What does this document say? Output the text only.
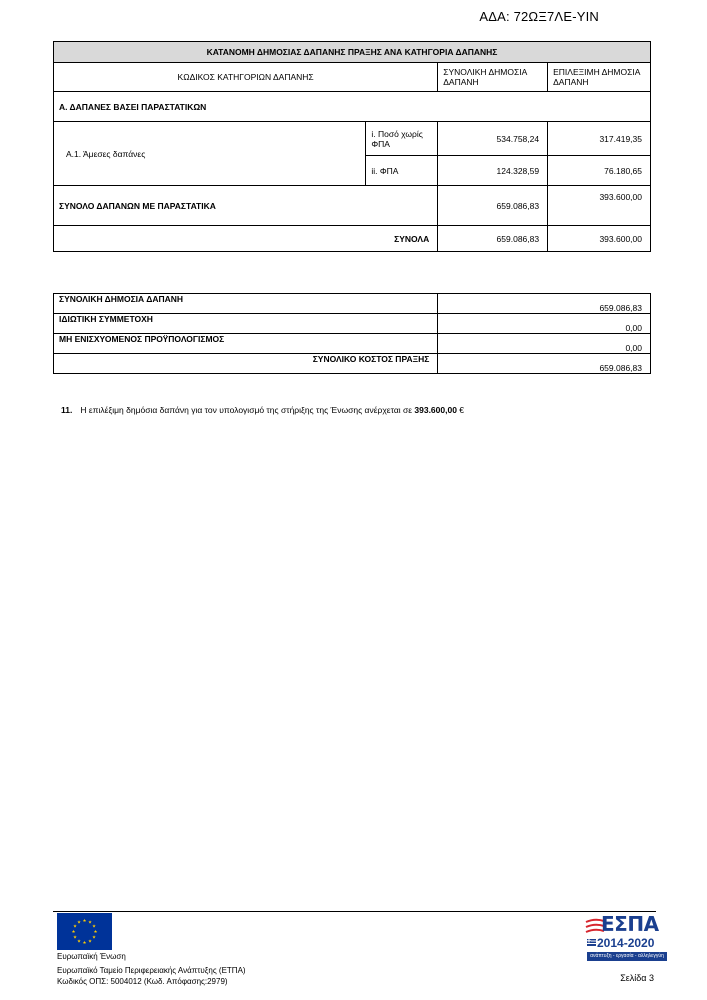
ΑΔΑ: 72ΩΞ7ΛΕ-ΥΙΝ
ΚΑΤΑΝΟΜΗ ΔΗΜΟΣΙΑΣ ΔΑΠΑΝΗΣ ΠΡΑΞΗΣ ΑΝΑ ΚΑΤΗΓΟΡΙΑ ΔΑΠΑΝΗΣ			
ΚΩΔΙΚΟΣ ΚΑΤΗΓΟΡΙΩΝ ΔΑΠΑΝΗΣ		ΣΥΝΟΛΙΚΗ ΔΗΜΟΣΙΑ ΔΑΠΑΝΗ	ΕΠΙΛΕΞΙΜΗ ΔΗΜΟΣΙΑ ΔΑΠΑΝΗ
Α. ΔΑΠΑΝΕΣ ΒΑΣΕΙ ΠΑΡΑΣΤΑΤΙΚΩΝ			
Α.1. Άμεσες δαπάνες	i. Ποσό χωρίς ΦΠΑ	534.758,24	317.419,35
	ii. ΦΠΑ	124.328,59	76.180,65
ΣΥΝΟΛΟ ΔΑΠΑΝΩΝ ΜΕ ΠΑΡΑΣΤΑΤΙΚΑ		659.086,83	393.600,00
ΣΥΝΟΛΑ		659.086,83	393.600,00
ΣΥΝΟΛΙΚΗ ΔΗΜΟΣΙΑ ΔΑΠΑΝΗ	659.086,83
ΙΔΙΩΤΙΚΗ ΣΥΜΜΕΤΟΧΗ	0,00
ΜΗ ΕΝΙΣΧΥΟΜΕΝΟΣ ΠΡΟΫΠΟΛΟΓΙΣΜΟΣ	0,00
ΣΥΝΟΛΙΚΟ ΚΟΣΤΟΣ ΠΡΑΞΗΣ	659.086,83
11. Η επιλέξιμη δημόσια δαπάνη για τον υπολογισμό της στήριξης της Ένωσης ανέρχεται σε 393.600,00 €
★ ★
★
★
★
★
★
★
★
★
★
★
Ευρωπαϊκή Ένωση
Ευρωπαϊκό Ταμείο Περιφερειακής Ανάπτυξης (ΕΤΠΑ)
Κωδικός ΟΠΣ: 5004012 (Κωδ. Απόφασης:2979)
ΕΣΠΑ
2014-2020
ανάπτυξη - εργασία - αλληλεγγύη
Σελίδα 3
